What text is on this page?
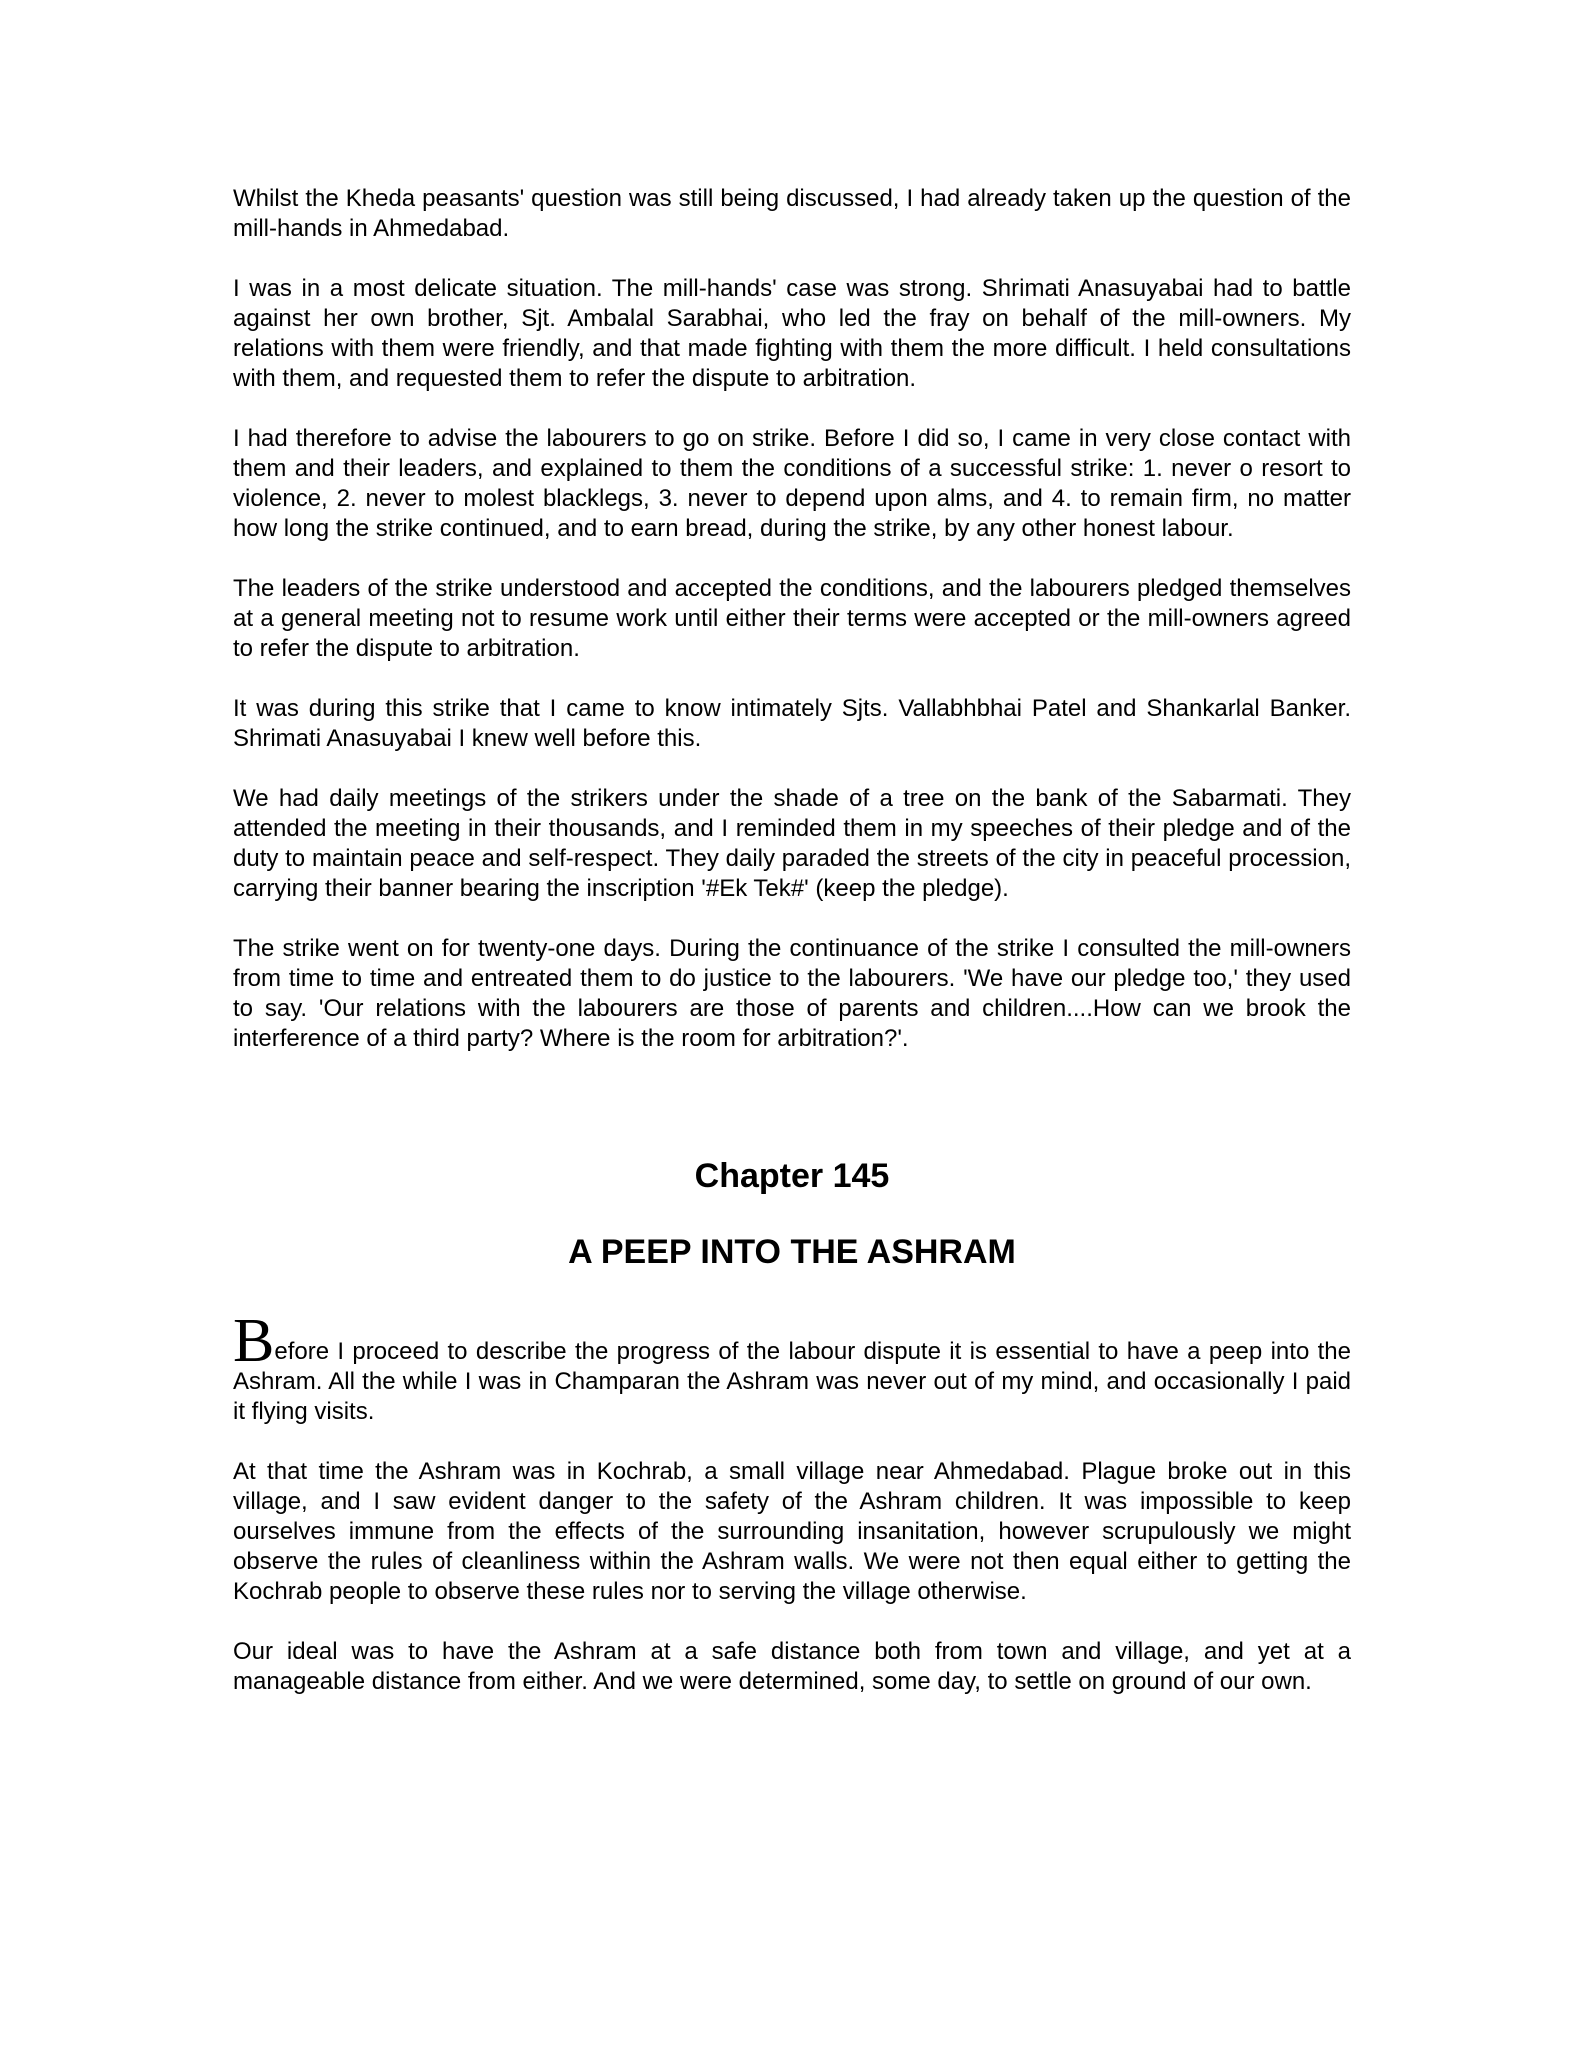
Whilst the Kheda peasants' question was still being discussed, I had already taken up the question of the mill-hands in Ahmedabad.

I was in a most delicate situation. The mill-hands' case was strong. Shrimati Anasuyabai had to battle against her own brother, Sjt. Ambalal Sarabhai, who led the fray on behalf of the mill-owners. My relations with them were friendly, and that made fighting with them the more difficult. I held consultations with them, and requested them to refer the dispute to arbitration.

I had therefore to advise the labourers to go on strike. Before I did so, I came in very close contact with them and their leaders, and explained to them the conditions of a successful strike: 1. never o resort to violence, 2. never to molest blacklegs, 3. never to depend upon alms, and 4. to remain firm, no matter how long the strike continued, and to earn bread, during the strike, by any other honest labour.

The leaders of the strike understood and accepted the conditions, and the labourers pledged themselves at a general meeting not to resume work until either their terms were accepted or the mill-owners agreed to refer the dispute to arbitration.

It was during this strike that I came to know intimately Sjts. Vallabhbhai Patel and Shankarlal Banker. Shrimati Anasuyabai I knew well before this.

We had daily meetings of the strikers under the shade of a tree on the bank of the Sabarmati. They attended the meeting in their thousands, and I reminded them in my speeches of their pledge and of the duty to maintain peace and self-respect. They daily paraded the streets of the city in peaceful procession, carrying their banner bearing the inscription '#Ek Tek#' (keep the pledge).

The strike went on for twenty-one days. During the continuance of the strike I consulted the mill-owners from time to time and entreated them to do justice to the labourers. 'We have our pledge too,' they used to say. 'Our relations with the labourers are those of parents and children....How can we brook the interference of a third party? Where is the room for arbitration?'.

Chapter 145
A PEEP INTO THE ASHRAM

Before I proceed to describe the progress of the labour dispute it is essential to have a peep into the Ashram. All the while I was in Champaran the Ashram was never out of my mind, and occasionally I paid it flying visits.

At that time the Ashram was in Kochrab, a small village near Ahmedabad. Plague broke out in this village, and I saw evident danger to the safety of the Ashram children. It was impossible to keep ourselves immune from the effects of the surrounding insanitation, however scrupulously we might observe the rules of cleanliness within the Ashram walls. We were not then equal either to getting the Kochrab people to observe these rules nor to serving the village otherwise.

Our ideal was to have the Ashram at a safe distance both from town and village, and yet at a manageable distance from either. And we were determined, some day, to settle on ground of our own.
